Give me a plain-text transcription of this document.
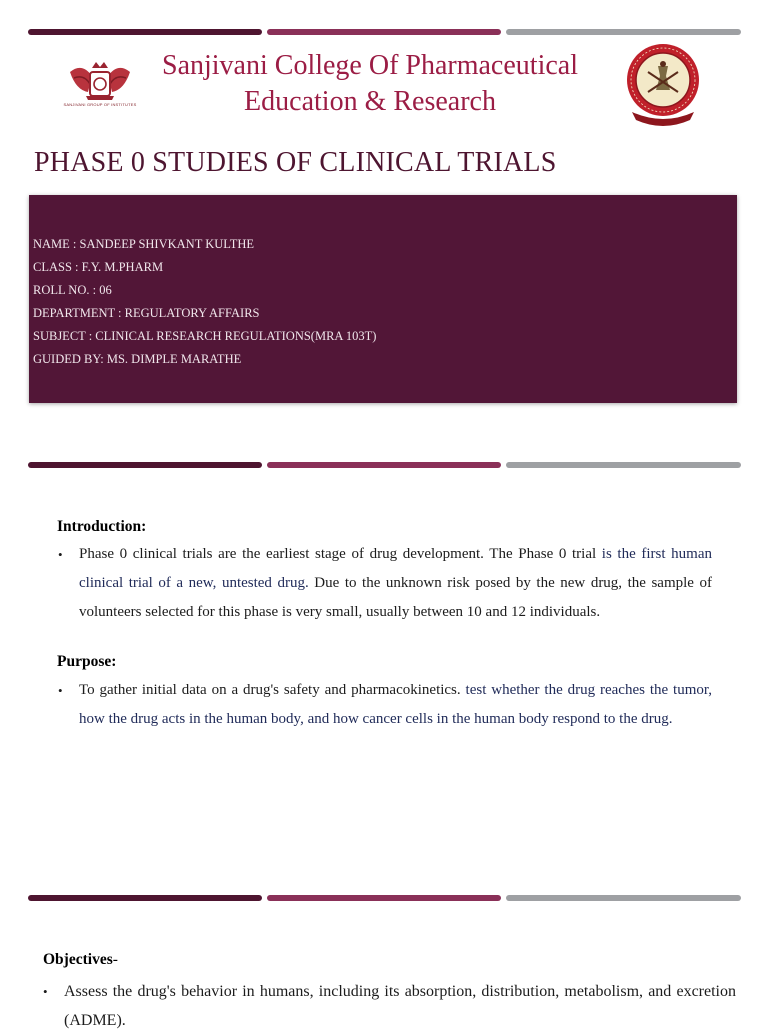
SANJIVANI GROUP OF INSTITUTES
Sanjivani College Of Pharmaceutical
Education & Research
PHASE 0 STUDIES OF CLINICAL TRIALS
NAME : SANDEEP SHIVKANT KULTHE
CLASS : F.Y. M.PHARM
ROLL NO. : 06
DEPARTMENT : REGULATORY AFFAIRS
SUBJECT : CLINICAL RESEARCH REGULATIONS(MRA 103T)
GUIDED BY: MS. DIMPLE MARATHE
Introduction:
• Phase 0 clinical trials are the earliest stage of drug development. The Phase 0 trial is the first human clinical trial of a new, untested drug. Due to the unknown risk posed by the new drug, the sample of volunteers selected for this phase is very small, usually between 10 and 12 individuals.
Purpose:
• To gather initial data on a drug's safety and pharmacokinetics. test whether the drug reaches the tumor, how the drug acts in the human body, and how cancer cells in the human body respond to the drug.
Objectives-
• Assess the drug's behavior in humans, including its absorption, distribution, metabolism, and excretion (ADME).
